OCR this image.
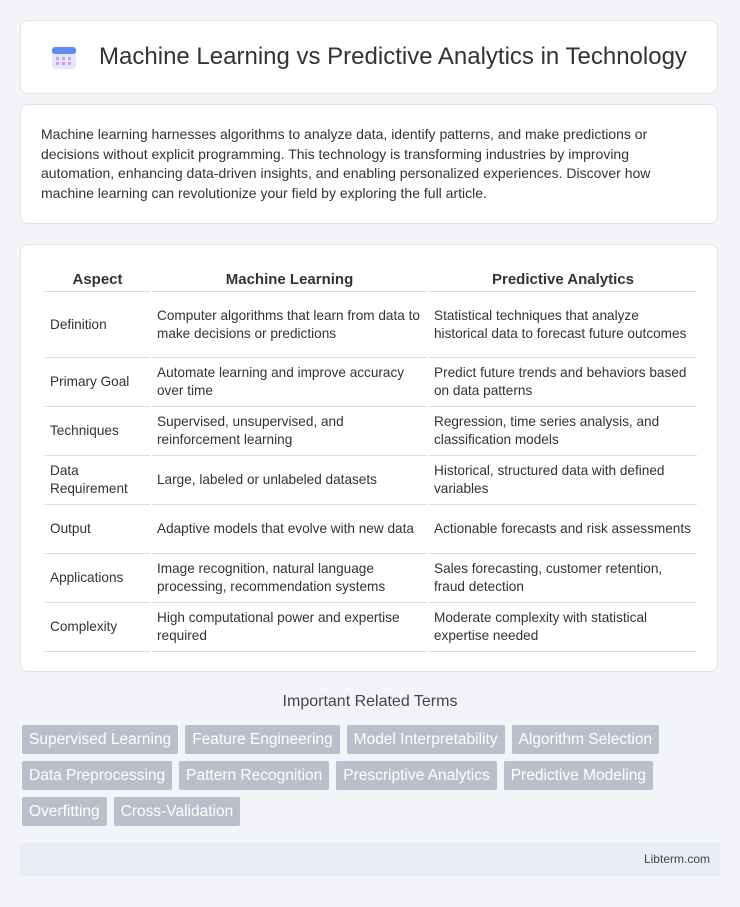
Machine Learning vs Predictive Analytics in Technology

Machine learning harnesses algorithms to analyze data, identify patterns, and make predictions or decisions without explicit programming. This technology is transforming industries by improving automation, enhancing data-driven insights, and enabling personalized experiences. Discover how machine learning can revolutionize your field by exploring the full article.

Aspect	Machine Learning	Predictive Analytics
Definition	Computer algorithms that learn from data to make decisions or predictions	Statistical techniques that analyze historical data to forecast future outcomes
Primary Goal	Automate learning and improve accuracy over time	Predict future trends and behaviors based on data patterns
Techniques	Supervised, unsupervised, and reinforcement learning	Regression, time series analysis, and classification models
Data Requirement	Large, labeled or unlabeled datasets	Historical, structured data with defined variables
Output	Adaptive models that evolve with new data	Actionable forecasts and risk assessments
Applications	Image recognition, natural language processing, recommendation systems	Sales forecasting, customer retention, fraud detection
Complexity	High computational power and expertise required	Moderate complexity with statistical expertise needed
Important Related Terms
Supervised Learning	Feature Engineering	Model Interpretability	Algorithm Selection
Data Preprocessing	Pattern Recognition	Prescriptive Analytics	Predictive Modeling
Overfitting	Cross-Validation
Libterm.com
